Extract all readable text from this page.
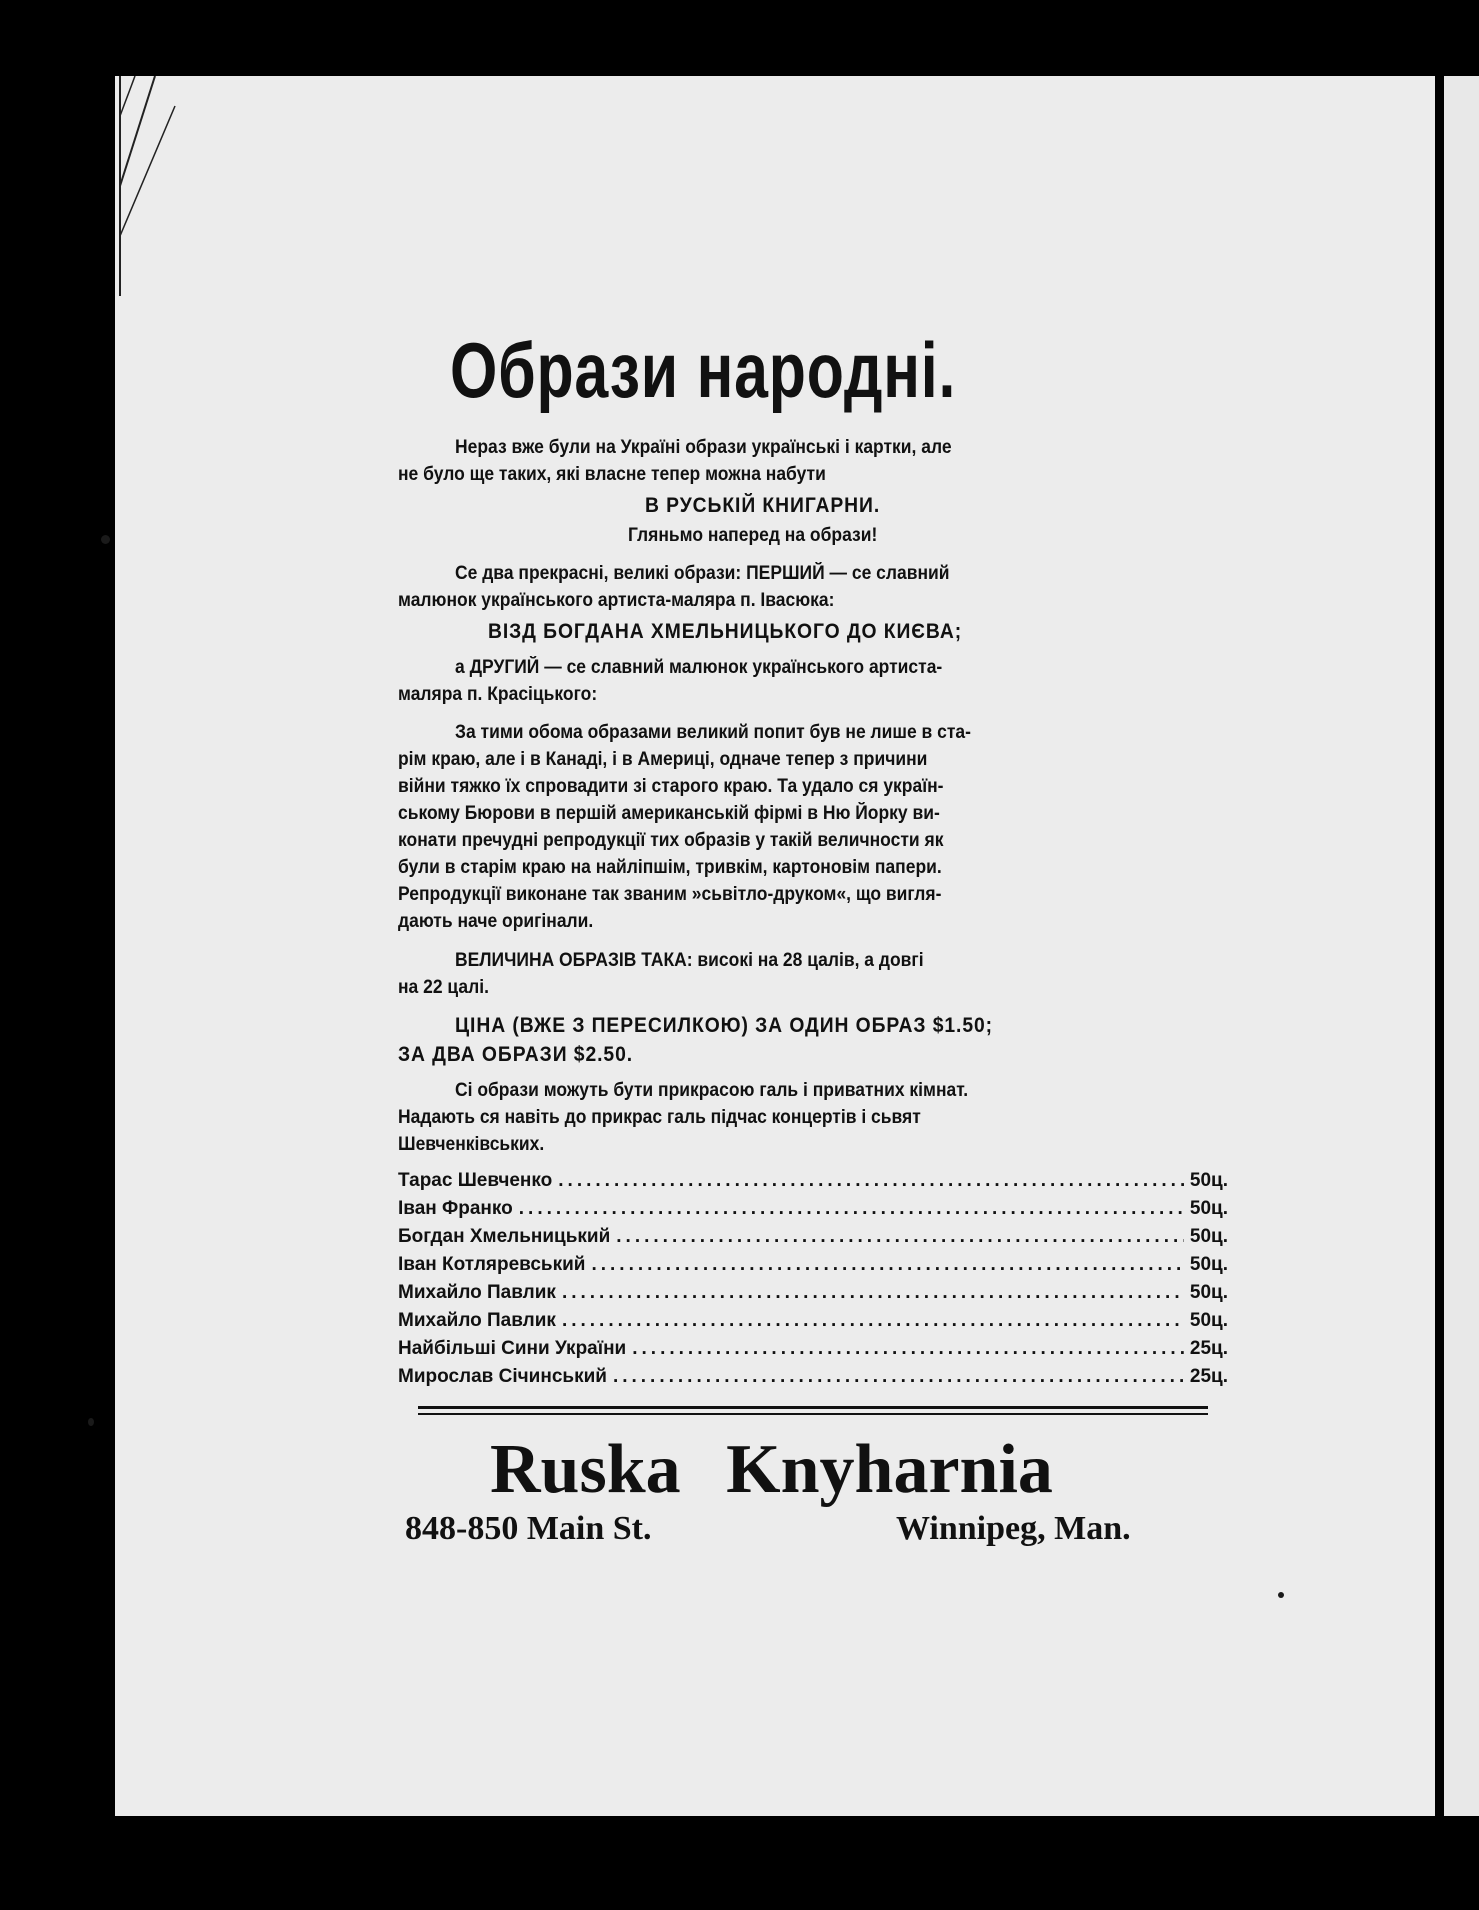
Образи народні.
Нераз вже були на Україні образи українські і картки, але
не було ще таких, які власне тепер можна набути
В РУСЬКІЙ КНИГАРНИ.
Гляньмо наперед на образи!
Се два прекрасні, великі образи: ПЕРШИЙ — се славний
малюнок українського артиста-маляра п. Івасюка:
ВІЗД БОГДАНА ХМЕЛЬНИЦЬКОГО ДО КИЄВА;
а ДРУГИЙ — се славний малюнок українського артиста-
маляра п. Красіцького:
За тими обома образами великий попит був не лише в ста-
рім краю, але і в Канаді, і в Америці, одначе тепер з причини
війни тяжко їх спровадити зі старого краю. Та удало ся україн-
ському Бюрови в першій американській фірмі в Ню Йорку ви-
конати пречудні репродукції тих образів у такій величности як
були в старім краю на найліпшім, тривкім, картоновім папери.
Репродукції виконане так званим »сьвітло-друком«, що вигля-
дають наче оригінали.
ВЕЛИЧИНА ОБРАЗІВ ТАКА: високі на 28 цалів, а довгі
на 22 цалі.
ЦІНА (ВЖЕ З ПЕРЕСИЛКОЮ) ЗА ОДИН ОБРАЗ $1.50;
ЗА ДВА ОБРАЗИ $2.50.
Сі образи можуть бути прикрасою галь і приватних кімнат.
Надають ся навіть до прикрас галь підчас концертів і сьвят
Шевченківських.
Тарас Шевченко .....	50ц.
Іван Франко .....	50ц.
Богдан Хмельницький .....	50ц.
Іван Котляревський .....	50ц.
Михайло Павлик .....	50ц.
Михайло Павлик .....	50ц.
Найбільші Сини України .....	25ц.
Мирослав Січинський .....	25ц.
Ruska Knyharnia
848-850 Main St.	Winnipeg, Man.
